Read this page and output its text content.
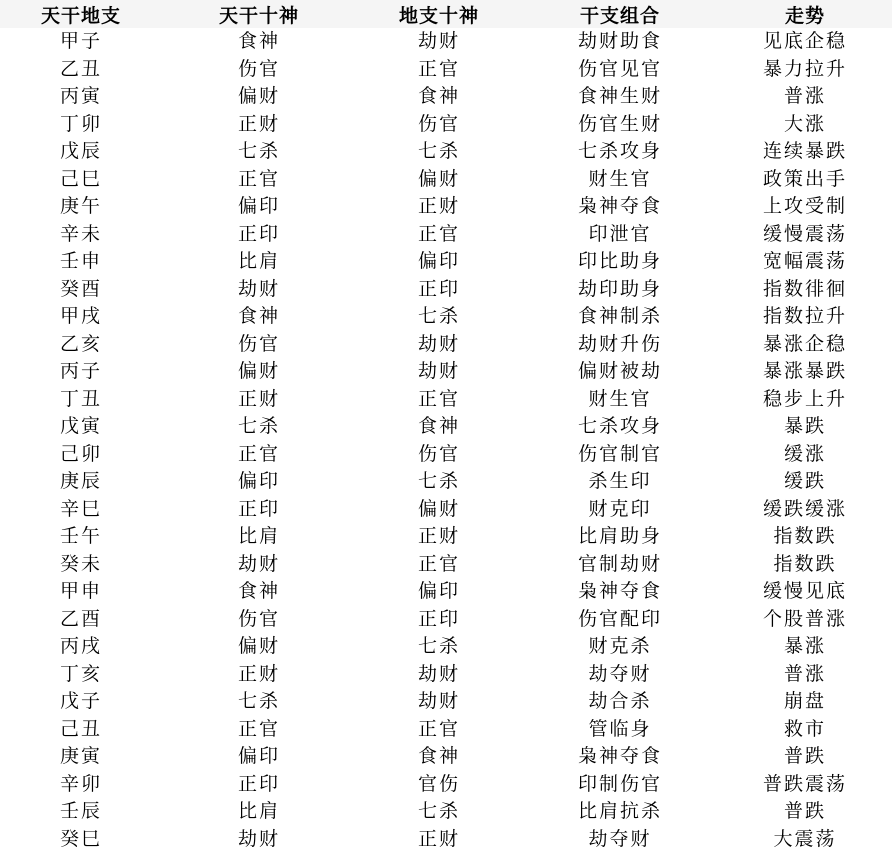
天干地支	天干十神	地支十神	干支组合	走势
甲子	食神	劫财	劫财助食	见底企稳
乙丑	伤官	正官	伤官见官	暴力拉升
丙寅	偏财	食神	食神生财	普涨
丁卯	正财	伤官	伤官生财	大涨
戊辰	七杀	七杀	七杀攻身	连续暴跌
己巳	正官	偏财	财生官	政策出手
庚午	偏印	正财	枭神夺食	上攻受制
辛未	正印	正官	印泄官	缓慢震荡
壬申	比肩	偏印	印比助身	宽幅震荡
癸酉	劫财	正印	劫印助身	指数徘徊
甲戌	食神	七杀	食神制杀	指数拉升
乙亥	伤官	劫财	劫财升伤	暴涨企稳
丙子	偏财	劫财	偏财被劫	暴涨暴跌
丁丑	正财	正官	财生官	稳步上升
戊寅	七杀	食神	七杀攻身	暴跌
己卯	正官	伤官	伤官制官	缓涨
庚辰	偏印	七杀	杀生印	缓跌
辛巳	正印	偏财	财克印	缓跌缓涨
壬午	比肩	正财	比肩助身	指数跌
癸未	劫财	正官	官制劫财	指数跌
甲申	食神	偏印	枭神夺食	缓慢见底
乙酉	伤官	正印	伤官配印	个股普涨
丙戌	偏财	七杀	财克杀	暴涨
丁亥	正财	劫财	劫夺财	普涨
戊子	七杀	劫财	劫合杀	崩盘
己丑	正官	正官	管临身	救市
庚寅	偏印	食神	枭神夺食	普跌
辛卯	正印	官伤	印制伤官	普跌震荡
壬辰	比肩	七杀	比肩抗杀	普跌
癸巳	劫财	正财	劫夺财	大震荡
